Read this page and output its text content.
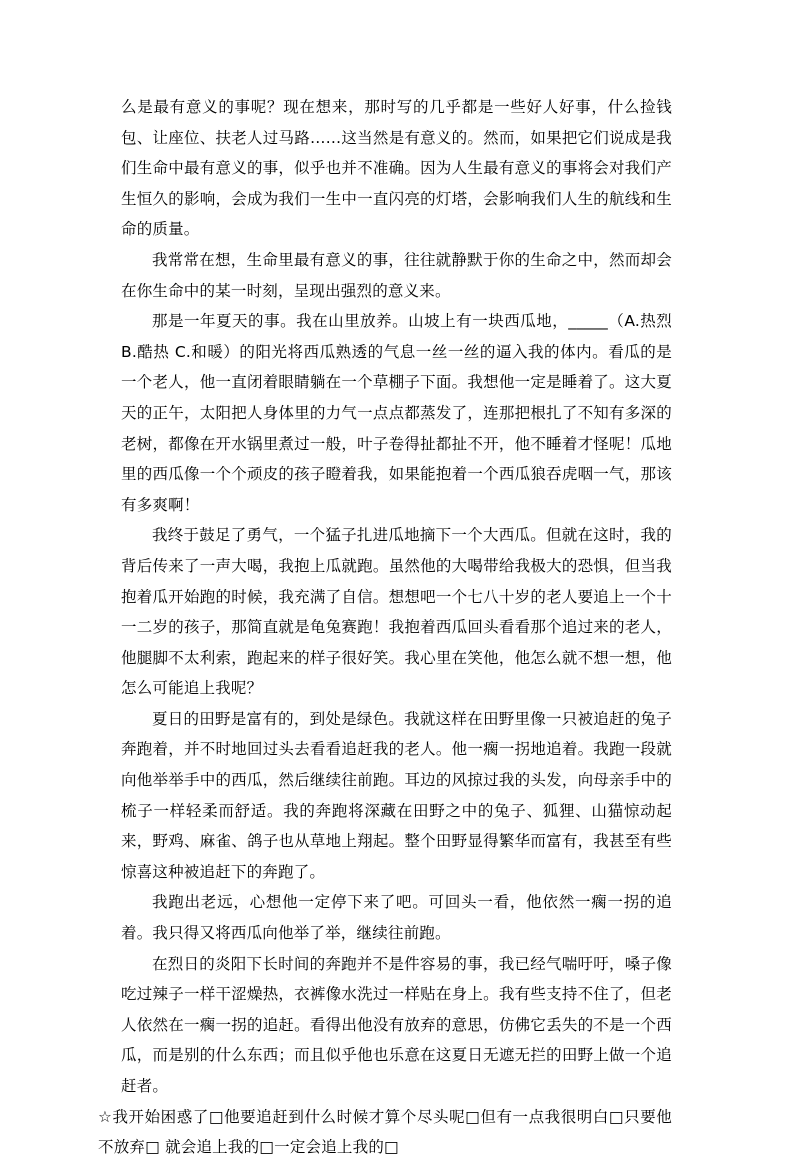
么是最有意义的事呢？现在想来，那时写的几乎都是一些好人好事，什么捡钱包、让座位、扶老人过马路……这当然是有意义的。然而，如果把它们说成是我们生命中最有意义的事，似乎也并不准确。因为人生最有意义的事将会对我们产生恒久的影响，会成为我们一生中一直闪亮的灯塔，会影响我们人生的航线和生命的质量。

我常常在想，生命里最有意义的事，往往就静默于你的生命之中，然而却会在你生命中的某一时刻，呈现出强烈的意义来。

那是一年夏天的事。我在山里放养。山坡上有一块西瓜地，_____（A.热烈 B.酷热 C.和暖）的阳光将西瓜熟透的气息一丝一丝的逼入我的体内。看瓜的是一个老人，他一直闭着眼睛躺在一个草棚子下面。我想他一定是睡着了。这大夏天的正午，太阳把人身体里的力气一点点都蒸发了，连那把根扎了不知有多深的老树，都像在开水锅里煮过一般，叶子卷得扯都扯不开，他不睡着才怪呢！瓜地里的西瓜像一个个顽皮的孩子瞪着我，如果能抱着一个西瓜狼吞虎咽一气，那该有多爽啊！

我终于鼓足了勇气，一个猛子扎进瓜地摘下一个大西瓜。但就在这时，我的背后传来了一声大喝，我抱上瓜就跑。虽然他的大喝带给我极大的恐惧，但当我抱着瓜开始跑的时候，我充满了自信。想想吧一个七八十岁的老人要追上一个十一二岁的孩子，那简直就是龟兔赛跑！我抱着西瓜回头看看那个追过来的老人，他腿脚不太利索，跑起来的样子很好笑。我心里在笑他，他怎么就不想一想，他怎么可能追上我呢？

夏日的田野是富有的，到处是绿色。我就这样在田野里像一只被追赶的兔子奔跑着，并不时地回过头去看看追赶我的老人。他一瘸一拐地追着。我跑一段就向他举举手中的西瓜，然后继续往前跑。耳边的风掠过我的头发，向母亲手中的梳子一样轻柔而舒适。我的奔跑将深藏在田野之中的兔子、狐狸、山猫惊动起来，野鸡、麻雀、鸽子也从草地上翔起。整个田野显得繁华而富有，我甚至有些惊喜这种被追赶下的奔跑了。

我跑出老远，心想他一定停下来了吧。可回头一看，他依然一瘸一拐的追着。我只得又将西瓜向他举了举，继续往前跑。

在烈日的炎阳下长时间的奔跑并不是件容易的事，我已经气喘吁吁，嗓子像吃过辣子一样干涩燥热，衣裤像水洗过一样贴在身上。我有些支持不住了，但老人依然在一瘸一拐的追赶。看得出他没有放弃的意思，仿佛它丢失的不是一个西瓜，而是别的什么东西；而且似乎他也乐意在这夏日无遮无拦的田野上做一个追赶者。

☆我开始困惑了□他要追赶到什么时候才算个尽头呢□但有一点我很明白□只要他不放弃□ 就会追上我的□一定会追上我的□
